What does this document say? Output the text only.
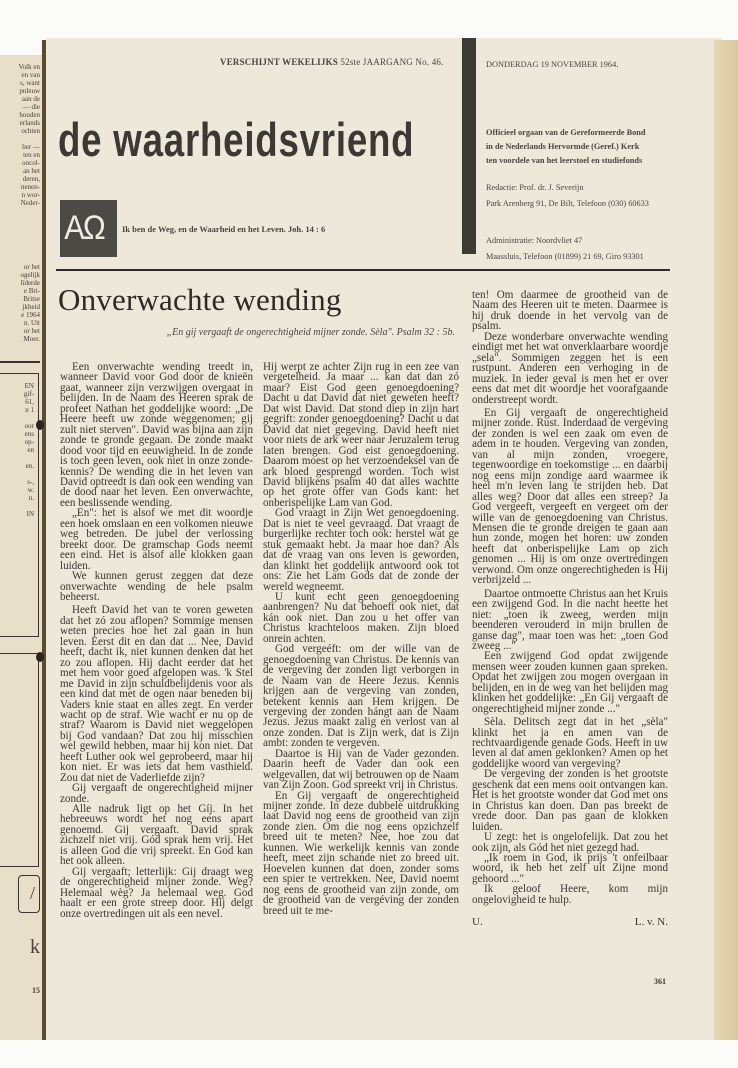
Volk en
en van
s, want
pnleuw
aan de
— die
houden
erlands
ochten
ber —
ten en
oocol-
an het
deren,
nenen-
n wor-
Neder-
or het
ogelijk
lïderde
e Bri-
Britse
jkheid
e 1964
n. Uit
or het
Moer.
EN
gif-
61,
n 1

oor
ens
op-
en

en.

s-,
w.
n.

IN
/
k
15
VERSCHIJNT WEKELIJKS 52ste JAARGANG No. 46.
de waarheidsvriend
AΩ	Ik ben de Weg, en de Waarheid en het Leven. Joh. 14 : 6
DONDERDAG 19 NOVEMBER 1964.
Officieel orgaan van de Gereformeerde Bond
in de Nederlands Hervormde (Geref.) Kerk
ten voordele van het leerstoel en studiefonds
Redactie: Prof. dr. J. Severijn
Park Arenberg 91, De Bilt, Telefoon (030) 60633
Administratie: Noordvliet 47
Maassluis, Telefoon (01899) 21 69, Giro 93301
Onverwachte wending
„En gij vergaaft de ongerechtigheid mijner zonde. Sèla". Psalm 32 : 5b.

Een onverwachte wending treedt in, wanneer David voor God door de knieën gaat, wanneer zijn verzwijgen overgaat in belijden. In de Naam des Heeren sprak de profeet Nathan het goddelijke woord: „De Heere heeft uw zonde weggenomen; gij zult niet sterven". David was bijna aan zijn zonde te gronde gegaan. De zonde maakt dood voor tijd en eeuwigheid. In de zonde is toch geen leven, ook niet in onze zonde-kennis? De wending die in het leven van David optreedt is dan ook een wending van de dood naar het leven. Een onverwachte, een beslissende wending.

„En": het is alsof we met dit woordje een hoek omslaan en een volkomen nieuwe weg betreden. De jubel der verlossing breekt door. De gramschap Gods neemt een eind. Het is alsof alle klokken gaan luiden.

We kunnen gerust zeggen dat deze onverwachte wending de hele psalm beheerst.

Heeft David het van te voren geweten dat het zó zou aflopen? Sommige mensen weten precies hoe het zal gaan in hun leven. Eerst dit en dan dat ... Nee, David heeft, dacht ik, niet kunnen denken dat het zo zou aflopen. Hij dacht eerder dat het met hem voor goed afgelopen was. 'k Stel me David in zijn schuldbelijdenis voor als een kind dat met de ogen naar beneden bij Vaders knie staat en alles zegt. En verder wacht op de straf. Wie wacht er nu op de straf? Waarom is David niet weggelopen bij God vandaan? Dat zou hij misschien wel gewild hebben, maar hij kon niet. Dat heeft Luther ook wel geprobeerd, maar hij kon niet. Er was iets dat hem vasthield. Zou dat niet de Vaderliefde zijn?

Gij vergaaft de ongerechtigheid mijner zonde.

Alle nadruk ligt op het Gíj. In het hebreeuws wordt het nog eens apart genoemd. Gij vergaaft. David sprak zichzelf niet vrij. Gód sprak hem vrij. Het is alleen God die vrij spreekt. En God kan het ook alleen.

Gij vergaaft; letterlijk: Gij draagt weg de ongerechtigheid mijner zonde. Weg? Helemaal wèg? Ja helemaal weg. God haalt er een grote streep door. Hij delgt onze overtredingen uit als een nevel.

Hij werpt ze achter Zijn rug in een zee van vergetelheid. Ja maar ... kan dat dan zó maar? Eist God geen genoegdoening? Dacht u dat David dat niet geweten heeft? Dat wist David. Dat stond diep in zijn hart gegrift: zonder genoegdoening? Dacht u dat David dat niet gegeving. David heeft niet voor niets de ark weer naar Jeruzalem terug laten brengen. God eist genoegdoening. Daarom moest op het verzoendeksel van de ark bloed gesprengd worden. Toch wist David blijkens psalm 40 dat alles wachtte op het grote offer van Gods kant: het onberispelijke Lam van God.

God vraagt in Zijn Wet genoegdoening. Dat is niet te veel gevraagd. Dat vraagt de burgerlijke rechter toch ook: herstel wat ge stuk gemaakt hebt. Ja maar hoe dan? Als dat de vraag van ons leven is geworden, dan klinkt het goddelijk antwoord ook tot ons: Zie het Lam Gods dat de zonde der wereld wegneemt.

U kunt echt geen genoegdoening aanbrengen? Nu dat behoeft ook niet, dat kán ook niet. Dan zou u het offer van Christus krachteloos maken. Zijn bloed onrein achten.

God vergeéft: om der wille van de genoegdoening van Christus. De kennis van de vergeving der zonden ligt verborgen in de Naam van de Heere Jezus. Kennis krijgen aan de vergeving van zonden, betekent kennis aan Hem krijgen. De vergeving der zonden hángt aan de Naam Jezus. Jezus maakt zalig en verlost van al onze zonden. Dat is Zijn werk, dat is Zijn ambt: zonden te vergeven.

Daartoe is Hij van de Vader gezonden. Daarin heeft de Vader dan ook een welgevallen, dat wij betrouwen op de Naam van Zijn Zoon. God spreekt vrij in Christus.

En Gij vergaaft de ongerechtigheid mijner zonde. In deze dubbele uitdrukking laat David nog eens de grootheid van zijn zonde zien. Om die nog eens opzichzelf breed uit te meten? Nee, hoe zou dat kunnen. Wie werkelijk kennis van zonde heeft, meet zijn schande niet zo breed uit. Hoevelen kunnen dat doen, zonder soms een spier te vertrekken. Nee, David noemt nog eens de grootheid van zijn zonde, om de grootheid van de vergéving der zonden breed uit te me-

ten! Om daarmee de grootheid van de Naam des Heeren uit te meten. Daarmee is hij druk doende in het vervolg van de psalm.

Deze wonderbare onverwachte wending eindigt met het wat onverklaarbare woordje „sela". Sommigen zeggen het is een rustpunt. Anderen een verhoging in de muziek. In ieder geval is men het er over eens dat met dit woordje het voorafgaande onderstreept wordt.

En Gij vergaaft de ongerechtigheid mijner zonde. Rust. Inderdaad de vergeving der zonden is wel een zaak om even de adem in te houden. Vergeving van zonden, van al mijn zonden, vroegere, tegenwoordige en toekomstige ... en daarbij nog eens mijn zondige aard waarmee ik heel m'n leven lang te strijden heb. Dat alles weg? Door dat alles een streep? Ja God vergeeft, vergeeft en vergeet om der wille van de genoegdoening van Christus. Mensen die te gronde dreigen te gaan aan hun zonde, mogen het horen: uw zonden heeft dat onberispelijke Lam op zich genomen ... Hij is om onze overtredingen verwond. Om onze ongerechtigheden is Hij verbrijzeld ...

Daartoe ontmoette Christus aan het Kruis een zwijgend God. In die nacht heette het niet: „toen ik zweeg, werden mijn beenderen verouderd in mijn brullen de ganse dag", maar toen was het: „toen God zweeg ..."

Een zwijgend God opdat zwijgende mensen weer zouden kunnen gaan spreken. Opdat het zwijgen zou mogen overgaan in belijden, en in de weg van het belijden mag klinken het goddelijke: „En Gij vergaaft de ongerechtigheid mijner zonde ..."

Sèla. Delitsch zegt dat in het „sèla" klinkt het ja en amen van de rechtvaardigende genade Gods. Heeft in uw leven al dat amen geklonken? Amen op het goddelijke woord van vergeving?

De vergeving der zonden is het grootste geschenk dat een mens ooit ontvangen kan. Het is het grootste wonder dat God met ons in Christus kan doen. Dan pas breekt de vrede door. Dan pas gaan de klokken luiden.

U zegt: het is ongelofelijk. Dat zou het ook zijn, als Gód het niet gezegd had.

„Ik roem in God, ik prijs 't onfeilbaar woord, ik heb het zelf uit Zijne mond gehoord ..."

Ik geloof Heere, kom mijn ongelovigheid te hulp.

U.	L. v. N.
361
